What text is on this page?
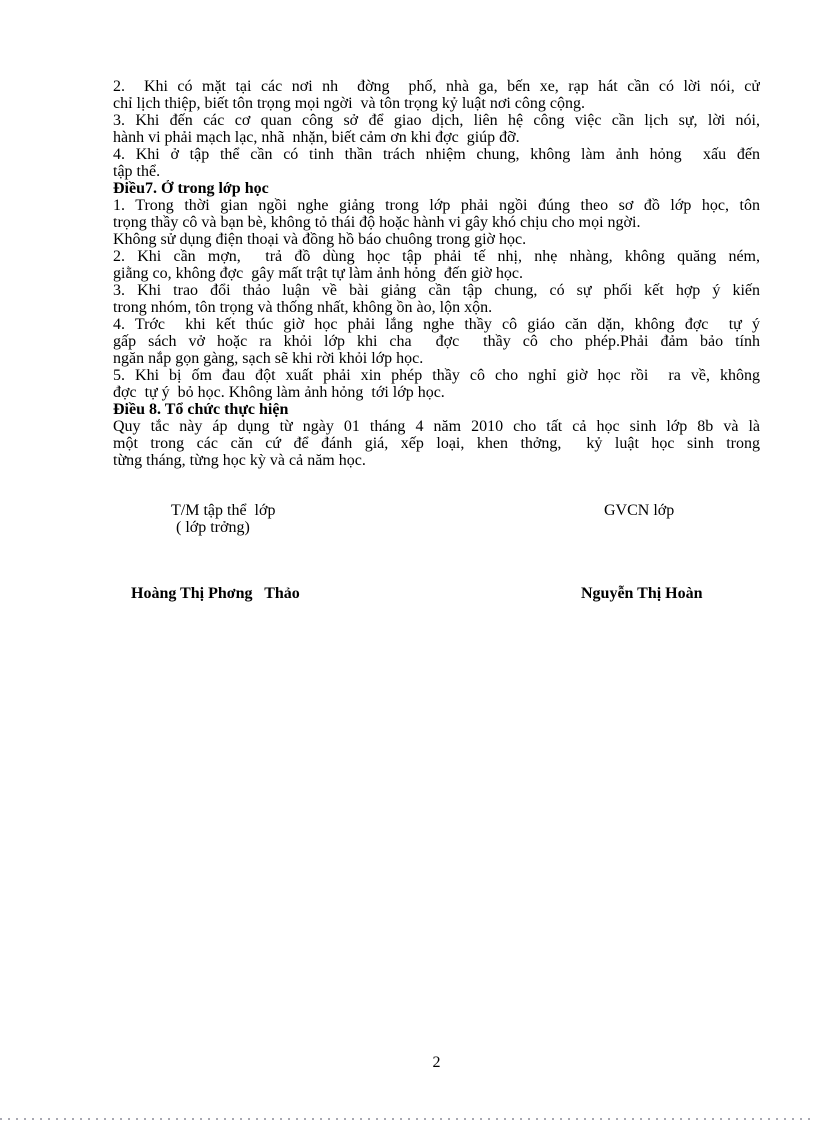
2.  Khi có mặt tại các nơi nh  đờng  phố, nhà ga, bến xe, rạp hát cần có lời nói, cử
chỉ lịch thiệp, biết tôn trọng mọi ngời  và tôn trọng kỷ luật nơi công cộng.
3. Khi đến các cơ quan công sở để giao dịch, liên hệ công việc cần lịch sự, lời nói,
hành vi phải mạch lạc, nhã  nhặn, biết cảm ơn khi đợc  giúp đỡ.
4. Khi ở tập thể cần có tinh thần trách nhiệm chung, không làm ảnh hỏng  xấu đến
tập thể.
Điều7. Ở trong lớp học
1. Trong thời gian ngồi nghe giảng trong lớp phải ngồi đúng theo sơ đồ lớp học, tôn
trọng thầy cô và bạn bè, không tỏ thái độ hoặc hành vi gây khó chịu cho mọi ngời.
Không sử dụng điện thoại và đồng hồ báo chuông trong giờ học.
2. Khi cần mợn,  trả đồ dùng học tập phải tế nhị, nhẹ nhàng, không quăng ném,
giằng co, không đợc  gây mất trật tự làm ảnh hỏng  đến giờ học.
3. Khi trao đổi thảo luận về bài giảng cần tập chung, có sự phối kết hợp ý kiến
trong nhóm, tôn trọng và thống nhất, không ồn ào, lộn xộn.
4. Trớc  khi kết thúc giờ học phải lắng nghe thầy cô giáo căn dặn, không đợc  tự ý
gấp sách vở hoặc ra khỏi lớp khi cha  đợc  thầy cô cho phép.Phải đảm bảo tính
ngăn nắp gọn gàng, sạch sẽ khi rời khỏi lớp học.
5. Khi bị ốm đau đột xuất phải xin phép thầy cô cho nghỉ giờ học rồi  ra về, không
đợc  tự ý  bỏ học. Không làm ảnh hỏng  tới lớp học.
Điều 8. Tổ chức thực hiện
Quy tắc này áp dụng từ ngày 01 tháng 4 năm 2010 cho tất cả học sinh lớp 8b và là
một trong các căn cứ để đánh giá, xếp loại, khen thởng,  kỷ luật học sinh trong
từng tháng, từng học kỳ và cả năm học.
T/M tập thể  lớp	GVCN lớp
( lớp trởng)
Hoàng Thị Phơng   Thảo	Nguyễn Thị Hoàn
2
